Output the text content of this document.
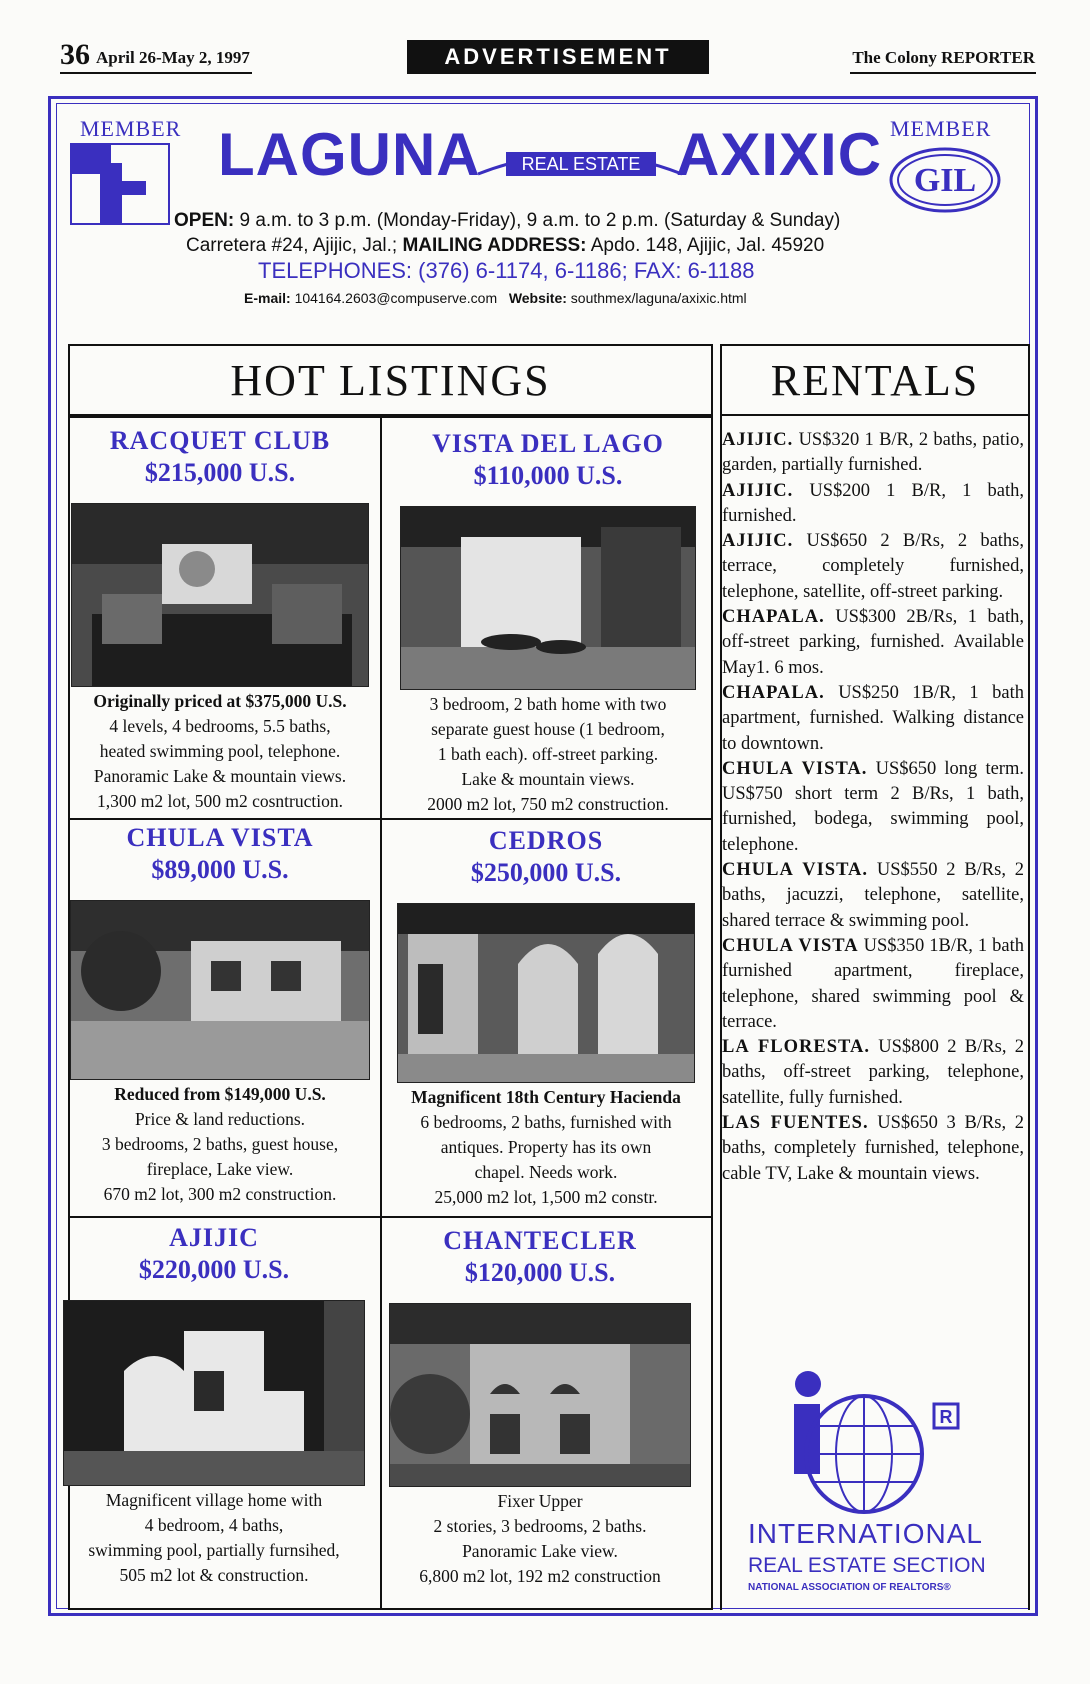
36 April 26-May 2, 1997	ADVERTISEMENT	The Colony REPORTER
MEMBER	MEMBER
LAGUNA	REAL ESTATE AXIXIC GIL
OPEN: 9 a.m. to 3 p.m. (Monday-Friday), 9 a.m. to 2 p.m. (Saturday & Sunday)
Carretera #24, Ajijic, Jal.; MAILING ADDRESS: Apdo. 148, Ajijic, Jal. 45920
TELEPHONES: (376) 6-1174, 6-1186; FAX: 6-1188
E-mail: 104164.2603@compuserve.com Website: southmex/laguna/axixic.html
HOT LISTINGS	RENTALS
RACQUET CLUB
$215,000 U.S.
Originally priced at $375,000 U.S.
4 levels, 4 bedrooms, 5.5 baths,
heated swimming pool, telephone.
Panoramic Lake & mountain views.
1,300 m2 lot, 500 m2 cosntruction.
VISTA DEL LAGO
$110,000 U.S.
3 bedroom, 2 bath home with two
separate guest house (1 bedroom,
1 bath each). off-street parking.
Lake & mountain views.
2000 m2 lot, 750 m2 construction.
CHULA VISTA
$89,000 U.S.
Reduced from $149,000 U.S.
Price & land reductions.
3 bedrooms, 2 baths, guest house,
fireplace, Lake view.
670 m2 lot, 300 m2 construction.
CEDROS
$250,000 U.S.
Magnificent 18th Century Hacienda
6 bedrooms, 2 baths, furnished with
antiques. Property has its own
chapel. Needs work.
25,000 m2 lot, 1,500 m2 constr.
AJIJIC
$220,000 U.S.
Magnificent village home with
4 bedroom, 4 baths,
swimming pool, partially furnsihed,
505 m2 lot & construction.
CHANTECLER
$120,000 U.S.
Fixer Upper
2 stories, 3 bedrooms, 2 baths.
Panoramic Lake view.
6,800 m2 lot, 192 m2 construction

AJIJIC. US$320 1 B/R, 2 baths, patio, garden, partially furnished.

AJIJIC. US$200 1 B/R, 1 bath, furnished.

AJIJIC. US$650 2 B/Rs, 2 baths, terrace, completely furnished, telephone, satellite, off-street parking.

CHAPALA. US$300 2B/Rs, 1 bath, off-street parking, furnished. Available May1. 6 mos.

CHAPALA. US$250 1B/R, 1 bath apartment, furnished. Walking distance to downtown.

CHULA VISTA. US$650 long term. US$750 short term 2 B/Rs, 1 bath, furnished, bodega, swimming pool, telephone.

CHULA VISTA. US$550 2 B/Rs, 2 baths, jacuzzi, telephone, satellite, shared terrace & swimming pool.

CHULA VISTA US$350 1B/R, 1 bath furnished apartment, fireplace, telephone, shared swimming pool & terrace.

LA FLORESTA. US$800 2 B/Rs, 2 baths, off-street parking, telephone, satellite, fully furnished.

LAS FUENTES. US$650 3 B/Rs, 2 baths, completely furnished, telephone, cable TV, Lake & mountain views.

R
INTERNATIONAL
REAL ESTATE SECTION
NATIONAL ASSOCIATION OF REALTORS®
